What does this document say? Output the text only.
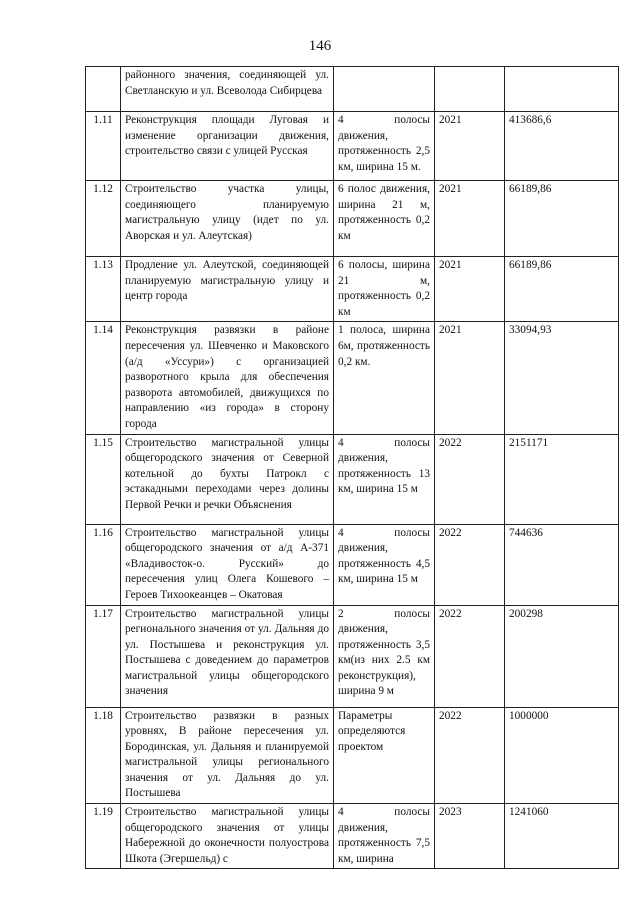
146
	районного значения, соединяющей ул. Светланскую и ул. Всеволода Сибирцева			
1.11	Реконструкция площади Луговая и изменение организации движения, строительство связи с улицей Русская	4 полосы движения, протяженность 2,5 км, ширина 15 м.	2021	413686,6
1.12	Строительство участка улицы, соединяющего планируемую магистральную улицу (идет по ул. Аворская и ул. Алеутская)	6 полос движения, ширина 21 м, протяженность 0,2 км	2021	66189,86
1.13	Продление ул. Алеутской, соединяющей планируемую магистральную улицу и центр города	6 полосы, ширина 21 м, протяженность 0,2 км	2021	66189,86
1.14	Реконструкция развязки в районе пересечения ул. Шевченко и Маковского (а/д «Уссури») с организацией разворотного крыла для обеспечения разворота автомобилей, движущихся по направлению «из города» в сторону города	1 полоса, ширина 6м, протяженность 0,2 км.	2021	33094,93
1.15	Строительство магистральной улицы общегородского значения от Северной котельной до бухты Патрокл с эстакадными переходами через долины Первой Речки и речки Объяснения	4 полосы движения, протяженность 13 км, ширина 15 м	2022	2151171
1.16	Строительство магистральной улицы общегородского значения от а/д А-371 «Владивосток-о. Русский» до пересечения улиц Олега Кошевого – Героев Тихоокеанцев – Окатовая	4 полосы движения, протяженность 4,5 км, ширина 15 м	2022	744636
1.17	Строительство магистральной улицы регионального значения от ул. Дальняя до ул. Постышева и реконструкция ул. Постышева с доведением до параметров магистральной улицы общегородского значения	2 полосы движения, протяженность 3,5 км(из них 2.5 км реконструкция), ширина 9 м	2022	200298
1.18	Строительство развязки в разных уровнях, В районе пересечения ул. Бородинская, ул. Дальняя и планируемой магистральной улицы регионального значения от ул. Дальняя до ул. Постышева	Параметры определяются проектом	2022	1000000
1.19	Строительство магистральной улицы общегородского значения от улицы Набережной до оконечности полуострова Шкота (Эгершельд) с	4 полосы движения, протяженность 7,5 км, ширина	2023	1241060
